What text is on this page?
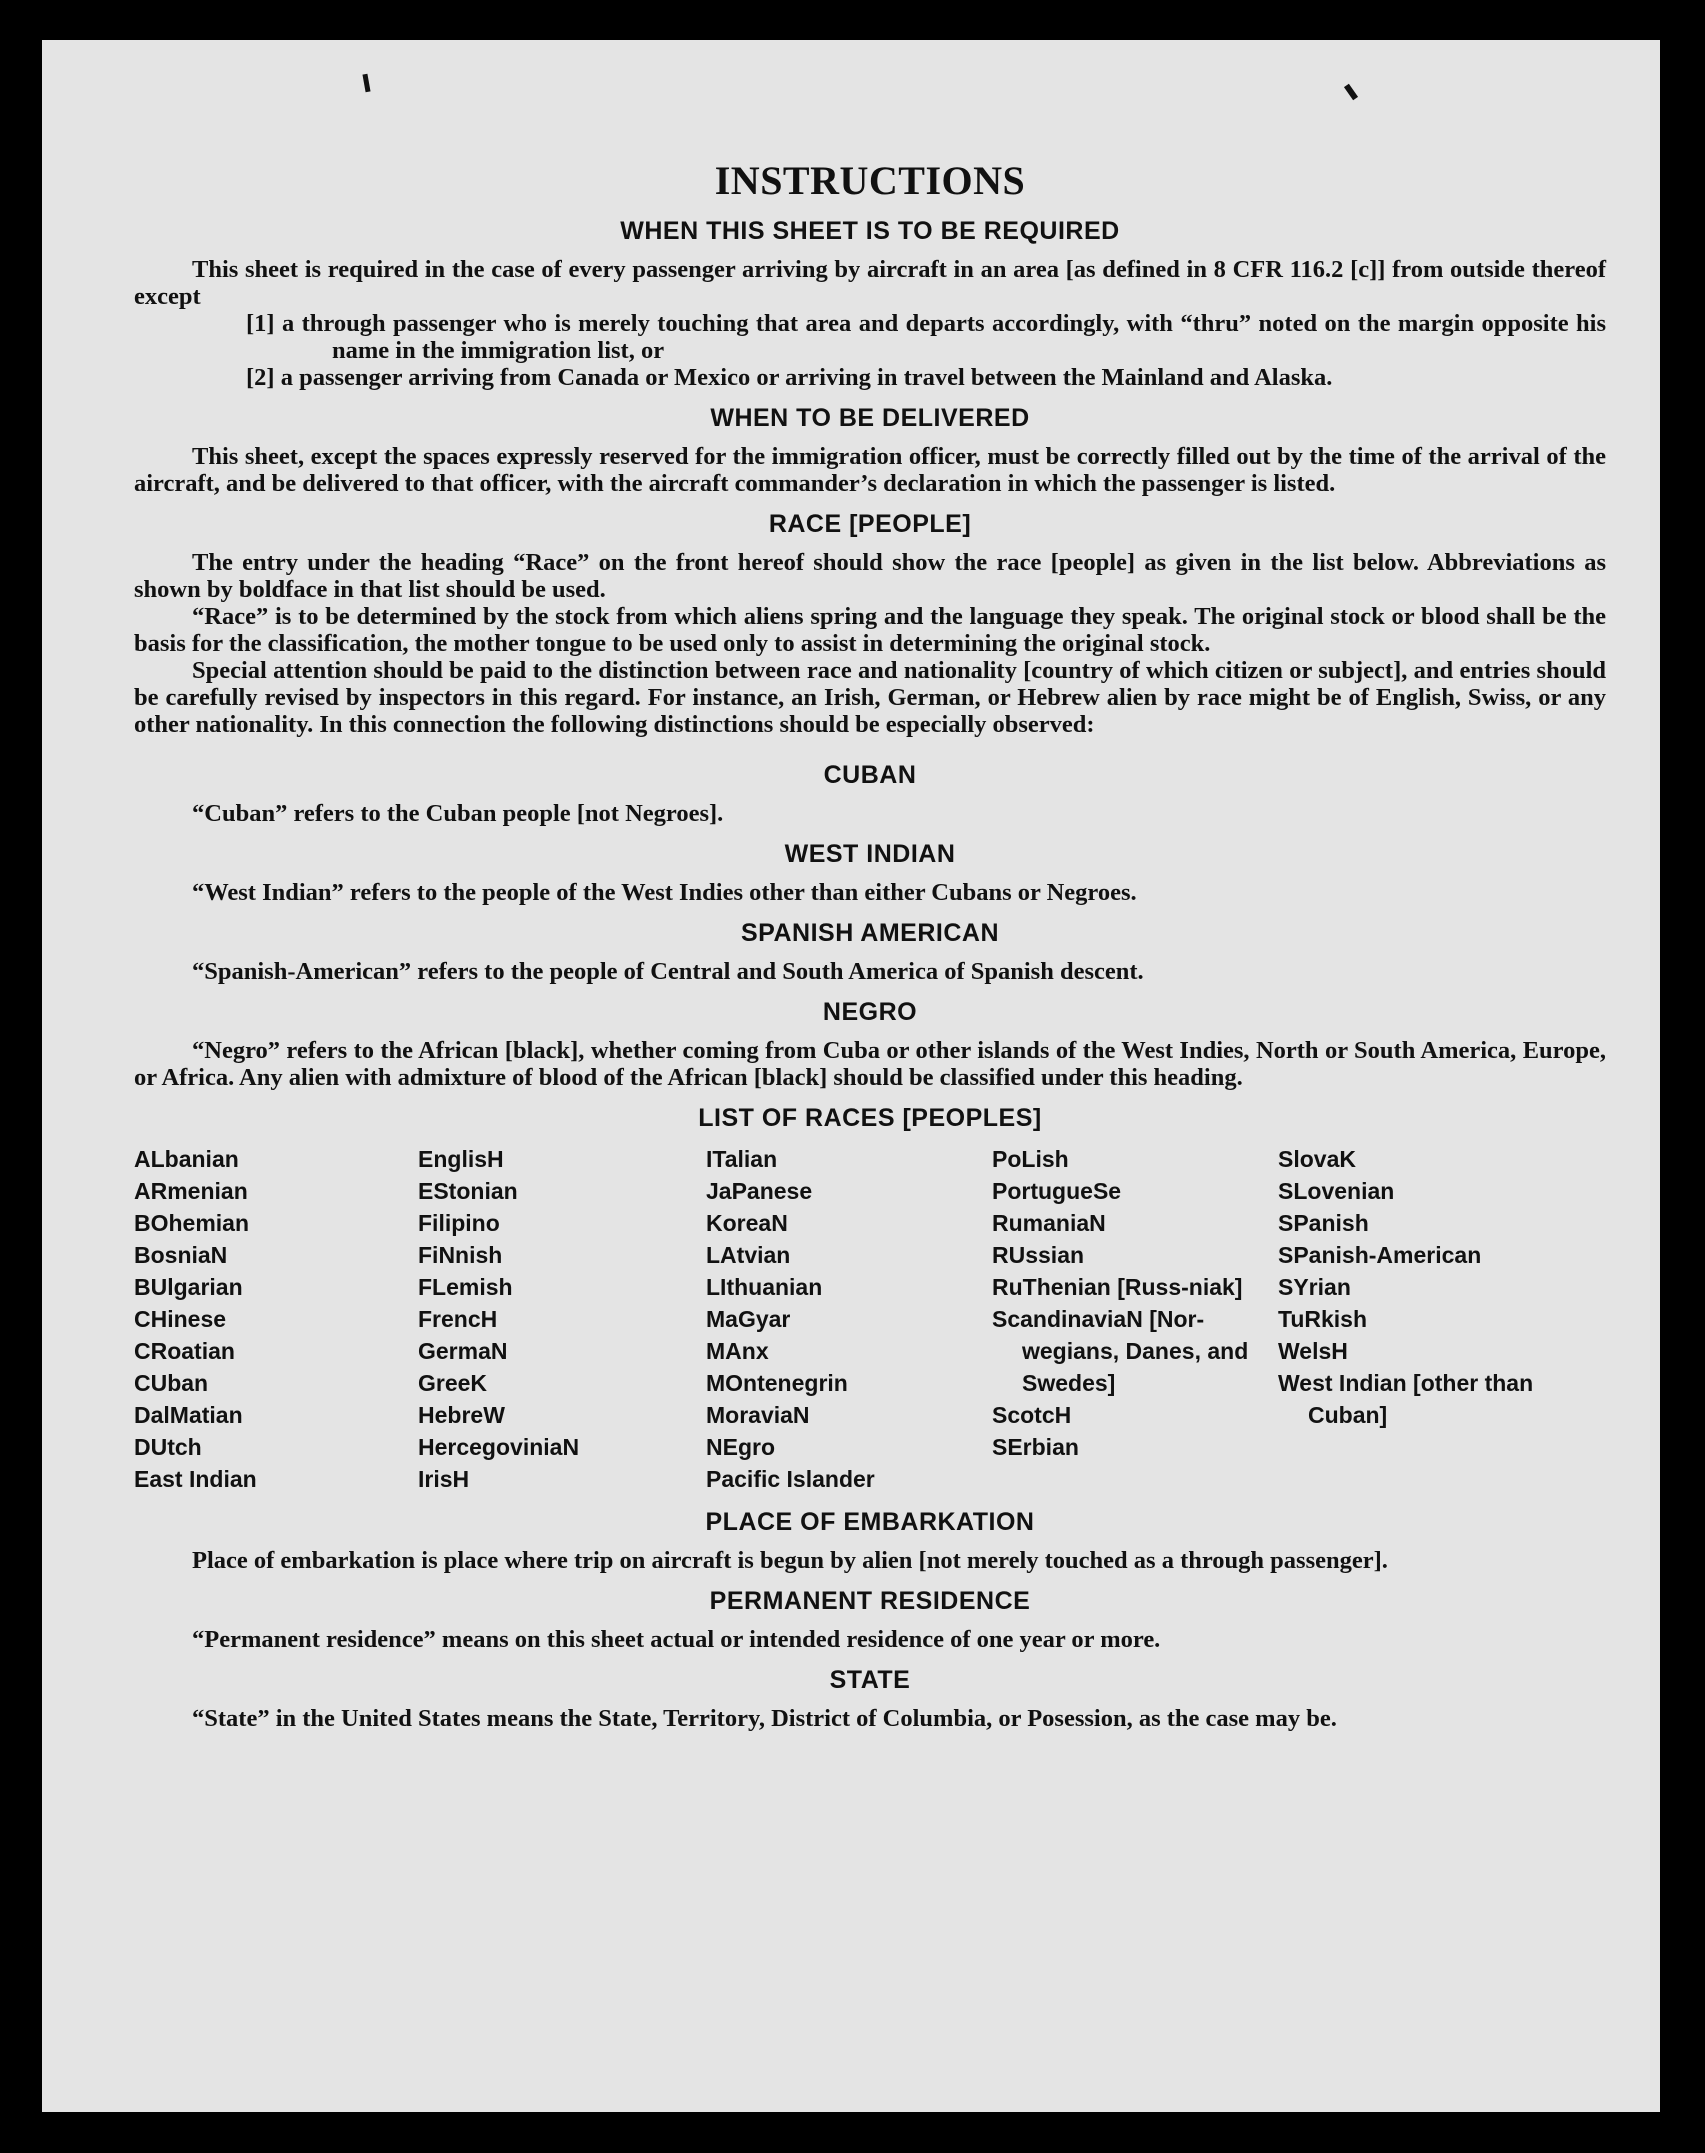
INSTRUCTIONS
WHEN THIS SHEET IS TO BE REQUIRED

This sheet is required in the case of every passenger arriving by aircraft in an area [as defined in 8 CFR 116.2 [c]] from outside thereof except

[1] a through passenger who is merely touching that area and departs accordingly, with “thru” noted on the margin opposite his name in the immigration list, or

[2] a passenger arriving from Canada or Mexico or arriving in travel between the Mainland and Alaska.

WHEN TO BE DELIVERED

This sheet, except the spaces expressly reserved for the immigration officer, must be correctly filled out by the time of the arrival of the aircraft, and be delivered to that officer, with the aircraft commander’s declaration in which the passenger is listed.

RACE [PEOPLE]

The entry under the heading “Race” on the front hereof should show the race [people] as given in the list below. Abbreviations as shown by boldface in that list should be used.

“Race” is to be determined by the stock from which aliens spring and the language they speak. The original stock or blood shall be the basis for the classification, the mother tongue to be used only to assist in determining the original stock.

Special attention should be paid to the distinction between race and nationality [country of which citizen or subject], and entries should be carefully revised by inspectors in this regard. For instance, an Irish, German, or Hebrew alien by race might be of English, Swiss, or any other nationality. In this connection the following distinctions should be especially observed:

CUBAN

“Cuban” refers to the Cuban people [not Negroes].

WEST INDIAN

“West Indian” refers to the people of the West Indies other than either Cubans or Negroes.

SPANISH AMERICAN

“Spanish-American” refers to the people of Central and South America of Spanish descent.

NEGRO

“Negro” refers to the African [black], whether coming from Cuba or other islands of the West Indies, North or South America, Europe, or Africa. Any alien with admixture of blood of the African [black] should be classified under this heading.

LIST OF RACES [PEOPLES]
ALbanian
ARmenian
BOhemian
BosniaN
BUlgarian
CHinese
CRoatian
CUban
DalMatian
DUtch
East Indian
EnglisH
EStonian
Filipino
FiNnish
FLemish
FrencH
GermaN
GreeK
HebreW
HercegoviniaN
IrisH
ITalian
JaPanese
KoreaN
LAtvian
LIthuanian
MaGyar
MAnx
MOntenegrin
MoraviaN
NEgro
Pacific Islander
PoLish
PortugueSe
RumaniaN
RUssian
RuThenian [Russ-niak]
ScandinaviaN [Nor-wegians, Danes, and Swedes]
ScotcH
SErbian
SlovaK
SLovenian
SPanish
SPanish-American
SYrian
TuRkish
WelsH
West Indian [other than Cuban]
PLACE OF EMBARKATION

Place of embarkation is place where trip on aircraft is begun by alien [not merely touched as a through passenger].

PERMANENT RESIDENCE

“Permanent residence” means on this sheet actual or intended residence of one year or more.

STATE

“State” in the United States means the State, Territory, District of Columbia, or Posession, as the case may be.
